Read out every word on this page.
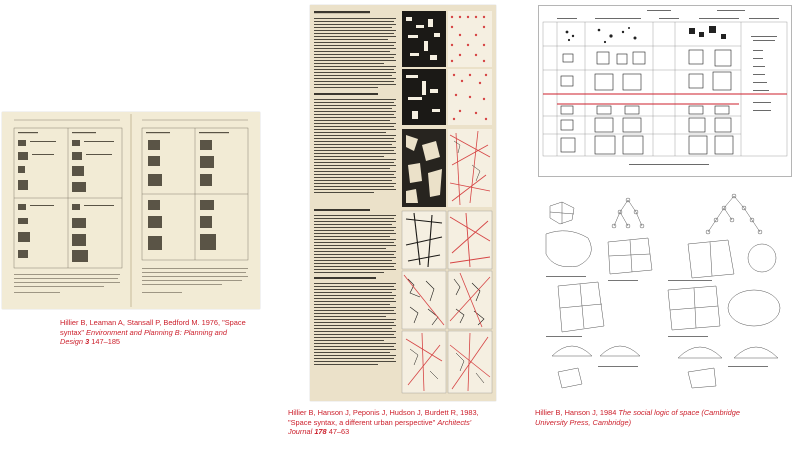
Hillier B, Leaman A, Stansall P, Bedford M. 1976, "Space
syntax" Environment and Planning B: Planning and
Design 3 147–185
Hillier B, Hanson J, Peponis J, Hudson J, Burdett R, 1983,
"Space syntax, a different urban perspective" Architects'
Journal 178 47–63
Hillier B, Hanson J, 1984 The social logic of space (Cambridge
University Press, Cambridge)
